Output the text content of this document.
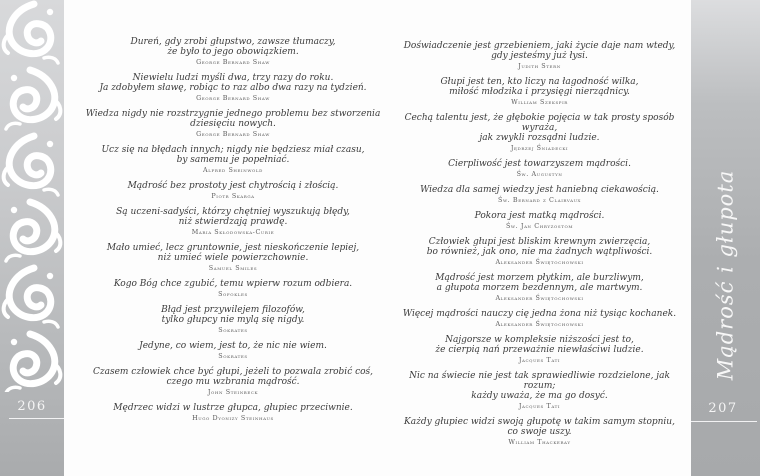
Dureń, gdy zrobi głupstwo, zawsze tłumaczy,
że było to jego obowiązkiem.
George Bernard Shaw
Niewielu ludzi myśli dwa, trzy razy do roku.
Ja zdobyłem sławę, robiąc to raz albo dwa razy na tydzień.
George Bernard Shaw
Wiedza nigdy nie rozstrzygnie jednego problemu bez stworzenia
dziesięciu nowych.
George Bernard Shaw
Ucz się na błędach innych; nigdy nie będziesz miał czasu,
by samemu je popełniać.
Alfred Sheinwold
Mądrość bez prostoty jest chytrością i złością.
Piotr Skarga
Są uczeni-sadyści, którzy chętniej wyszukują błędy,
niż stwierdzają prawdę.
Maria Skłodowska-Curie
Mało umieć, lecz gruntownie, jest nieskończenie lepiej,
niż umieć wiele powierzchownie.
Samuel Smiles
Kogo Bóg chce zgubić, temu wpierw rozum odbiera.
Sofokles
Błąd jest przywilejem filozofów,
tylko głupcy nie mylą się nigdy.
Sokrates
Jedyne, co wiem, jest to, że nic nie wiem.
Sokrates
Czasem człowiek chce być głupi, jeżeli to pozwala zrobić coś,
czego mu wzbrania mądrość.
John Steinbeck
Mędrzec widzi w lustrze głupca, głupiec przeciwnie.
Hugo Dyonizy Steinhaus
Doświadczenie jest grzebieniem, jaki życie daje nam wtedy,
gdy jesteśmy już łysi.
Judith Stern
Głupi jest ten, kto liczy na łagodność wilka,
miłość młodzika i przysięgi nierządnicy.
William Szekspir
Cechą talentu jest, że głębokie pojęcia w tak prosty sposób wyraża,
jak zwykli rozsądni ludzie.
Jędrzej Śniadecki
Cierpliwość jest towarzyszem mądrości.
Św. Augustyn
Wiedza dla samej wiedzy jest haniebną ciekawością.
Św. Bernard z Clairvaux
Pokora jest matką mądrości.
Św. Jan Chryzostom
Człowiek głupi jest bliskim krewnym zwierzęcia,
bo również, jak ono, nie ma żadnych wątpliwości.
Aleksander Świętochowski
Mądrość jest morzem płytkim, ale burzliwym,
a głupota morzem bezdennym, ale martwym.
Aleksander Świętochowski
Więcej mądrości nauczy cię jedna żona niż tysiąc kochanek.
Aleksander Świętochowski
Najgorsze w kompleksie niższości jest to,
że cierpią nań przeważnie niewłaściwi ludzie.
Jacques Tati
Nic na świecie nie jest tak sprawiedliwie rozdzielone, jak rozum;
każdy uważa, że ma go dosyć.
Jacques Tati
Każdy głupiec widzi swoją głupotę w takim samym stopniu,
co swoje uszy.
William Thackeray
Mądrość i głupota
206	207
